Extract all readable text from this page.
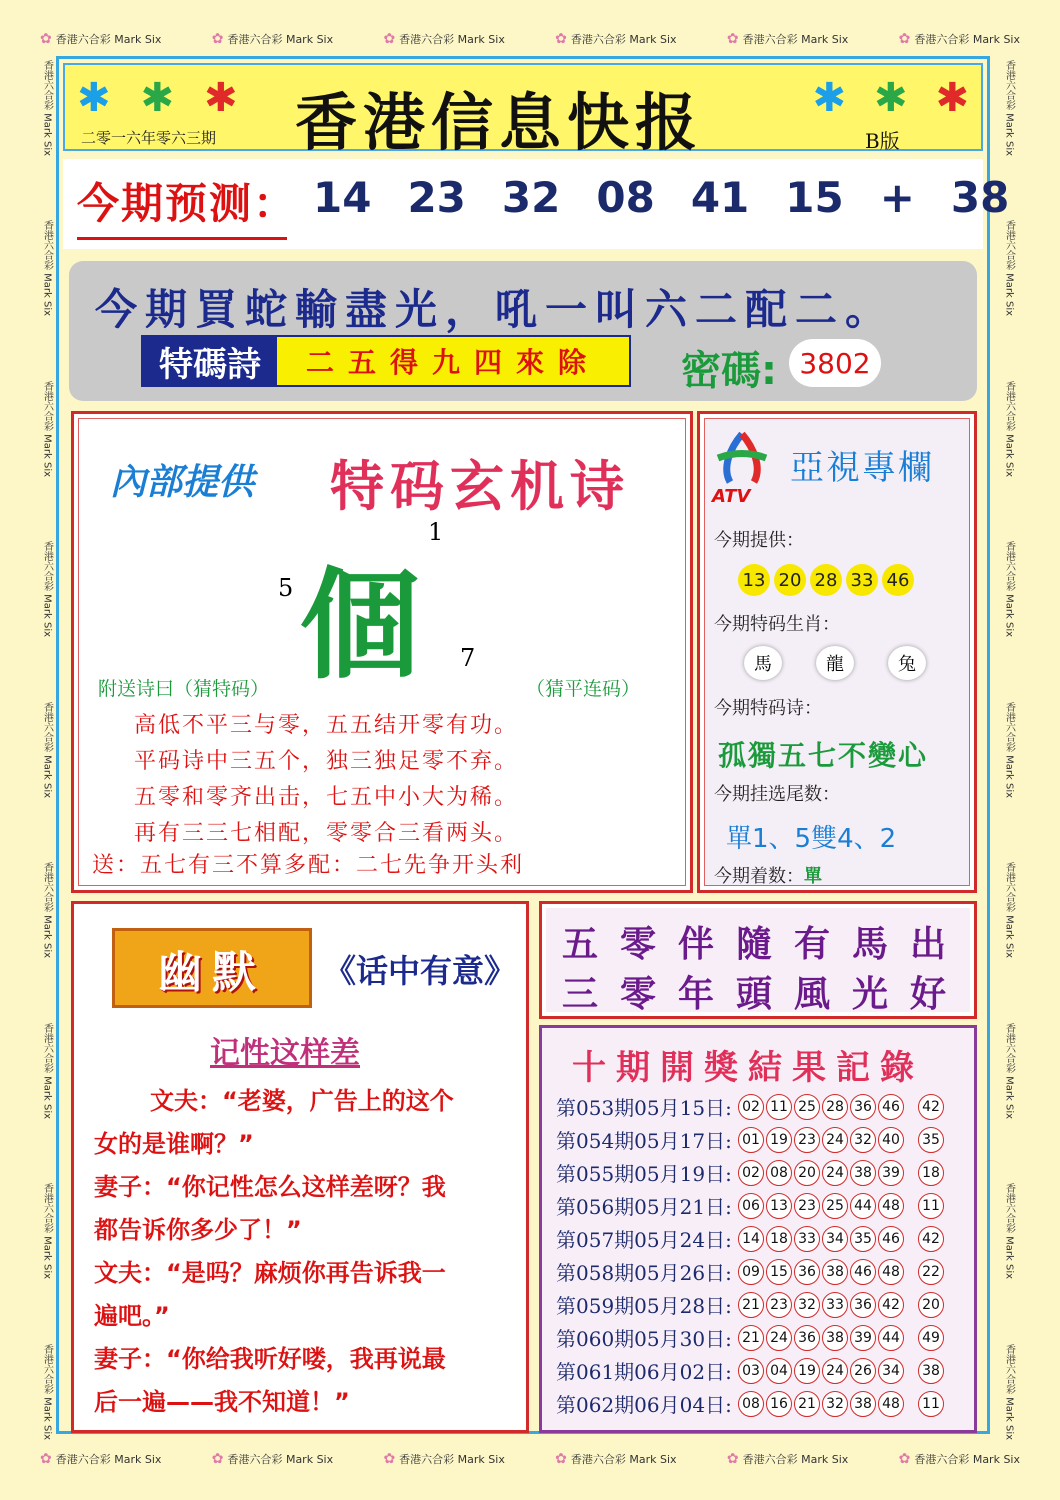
✿ 香港六合彩 Mark Six	✿ 香港六合彩 Mark Six	✿ 香港六合彩 Mark Six	✿ 香港六合彩 Mark Six	✿ 香港六合彩 Mark Six	✿ 香港六合彩 Mark Six
✿ 香港六合彩 Mark Six	✿ 香港六合彩 Mark Six	✿ 香港六合彩 Mark Six	✿ 香港六合彩 Mark Six	✿ 香港六合彩 Mark Six	✿ 香港六合彩 Mark Six
香港六合彩 Mark Six
香港六合彩 Mark Six
香港六合彩 Mark Six
香港六合彩 Mark Six
香港六合彩 Mark Six
香港六合彩 Mark Six
香港六合彩 Mark Six
香港六合彩 Mark Six
香港六合彩 Mark Six
香港六合彩 Mark Six
香港六合彩 Mark Six
香港六合彩 Mark Six
香港六合彩 Mark Six
香港六合彩 Mark Six
香港六合彩 Mark Six
香港六合彩 Mark Six
香港六合彩 Mark Six
香港六合彩 Mark Six
✱ ✱ ✱
二零一六年零六三期 香港信息快报	B版
✱ ✱ ✱
今期预测： 14 23 32 08 41 15 + 38
今期買蛇輸盡光，吼一叫六二配二。
特碼詩	二五得九四來除	密碼: 3802
內部提供 特码玄机诗
1
5 個 7
附送诗曰（猜特码）	（猜平连码）
高低不平三与零，五五结开零有功。
平码诗中三五个，独三独足零不弃。
五零和零齐出击，七五中小大为稀。
再有三三七相配，零零合三看两头。
送：五七有三不算多配：二七先争开头利
ATV
亞視專欄
今期提供：
13 20 28 33 46
今期特码生肖：
馬	龍	兔
今期特码诗：
孤獨五七不變心
今期挂选尾数：
單1、5雙4、2
今期着数：單
幽默	《话中有意》
记性这样差
文夫：“老婆，广告上的这个
女的是谁啊？”
妻子：“你记性怎么这样差呀？我
都告诉你多少了！”
文夫：“是吗？麻烦你再告诉我一
遍吧。”
妻子：“你给我听好喽，我再说最
后一遍——我不知道！”
五零伴隨有馬出
三零年頭風光好
十期開獎結果記錄
第053期05月15日: 02 11 25 28 36 46 42
第054期05月17日: 01 19 23 24 32 40 35
第055期05月19日: 02 08 20 24 38 39 18
第056期05月21日: 06 13 23 25 44 48 11
第057期05月24日: 14 18 33 34 35 46 42
第058期05月26日: 09 15 36 38 46 48 22
第059期05月28日: 21 23 32 33 36 42 20
第060期05月30日: 21 24 36 38 39 44 49
第061期06月02日: 03 04 19 24 26 34 38
第062期06月04日: 08 16 21 32 38 48 11
